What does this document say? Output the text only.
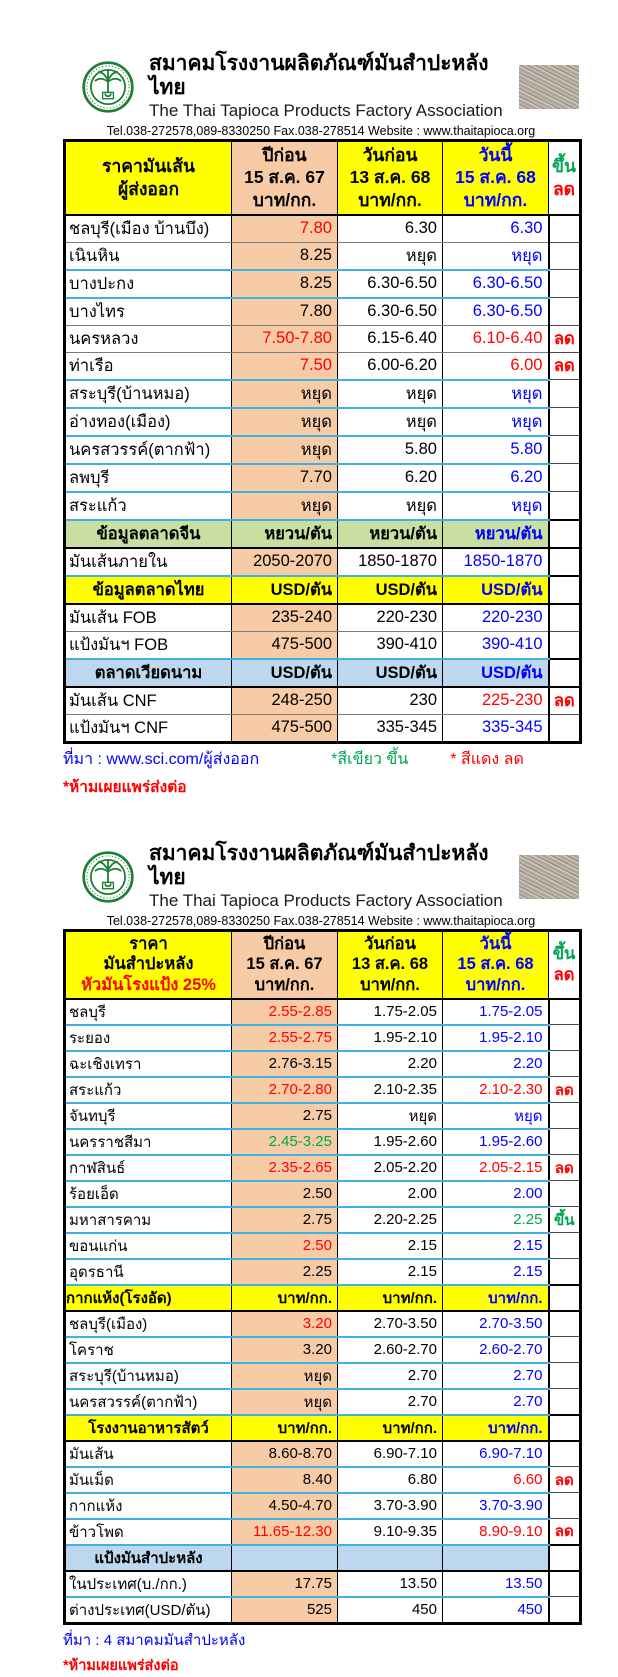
สมาคมโรงงานผลิตภัณฑ์มันสำปะหลังไทย
The Thai Tapioca Products Factory Association
Tel.038-272578,089-8330250 Fax.038-278514 Website : www.thaitapioca.org
ราคามันเส้น
ผู้ส่งออก

ปีก่อน
15 ส.ค. 67
บาท/กก.

วันก่อน
13 ส.ค. 68
บาท/กก.

วันนี้
15 ส.ค. 68
บาท/กก.

ขึ้น
ลด

ชลบุรี(เมือง บ้านบึง)	7.80	6.30	6.30	
เนินหิน	8.25	หยุด	หยุด	
บางปะกง	8.25	6.30-6.50	6.30-6.50	
บางไทร	7.80	6.30-6.50	6.30-6.50	
นครหลวง	7.50-7.80	6.15-6.40	6.10-6.40	ลด
ท่าเรือ	7.50	6.00-6.20	6.00	ลด
สระบุรี(บ้านหมอ)	หยุด	หยุด	หยุด	
อ่างทอง(เมือง)	หยุด	หยุด	หยุด	
นครสวรรค์(ตากฟ้า)	หยุด	5.80	5.80	
ลพบุรี	7.70	6.20	6.20	
สระแก้ว	หยุด	หยุด	หยุด	
ข้อมูลตลาดจีน	หยวน/ตัน	หยวน/ตัน	หยวน/ตัน	
มันเส้นภายใน	2050-2070	1850-1870	1850-1870	
ข้อมูลตลาดไทย	USD/ตัน	USD/ตัน	USD/ตัน	
มันเส้น FOB	235-240	220-230	220-230	
แป้งมันฯ FOB	475-500	390-410	390-410	
ตลาดเวียดนาม	USD/ตัน	USD/ตัน	USD/ตัน	
มันเส้น CNF	248-250	230	225-230	ลด
แป้งมันฯ CNF	475-500	335-345	335-345	
ที่มา : www.sci.com/ผู้ส่งออก	*สีเขียว ขึ้น	* สีแดง ลด
*ห้ามเผยแพร่ส่งต่อ
สมาคมโรงงานผลิตภัณฑ์มันสำปะหลังไทย
The Thai Tapioca Products Factory Association
Tel.038-272578,089-8330250 Fax.038-278514 Website : www.thaitapioca.org
ราคา
มันสำปะหลัง
หัวมันโรงแป้ง 25%

ปีก่อน
15 ส.ค. 67
บาท/กก.

วันก่อน
13 ส.ค. 68
บาท/กก.

วันนี้
15 ส.ค. 68
บาท/กก.

ขึ้น
ลด

ชลบุรี	2.55-2.85	1.75-2.05	1.75-2.05	
ระยอง	2.55-2.75	1.95-2.10	1.95-2.10	
ฉะเชิงเทรา	2.76-3.15	2.20	2.20	
สระแก้ว	2.70-2.80	2.10-2.35	2.10-2.30	ลด
จันทบุรี	2.75	หยุด	หยุด	
นครราชสีมา	2.45-3.25	1.95-2.60	1.95-2.60	
กาฬสินธ์	2.35-2.65	2.05-2.20	2.05-2.15	ลด
ร้อยเอ็ด	2.50	2.00	2.00	
มหาสารคาม	2.75	2.20-2.25	2.25	ขึ้น
ขอนแก่น	2.50	2.15	2.15	
อุดรธานี	2.25	2.15	2.15	
กากแห้ง(โรงอัด)	บาท/กก.	บาท/กก.	บาท/กก.	
ชลบุรี(เมือง)	3.20	2.70-3.50	2.70-3.50	
โคราช	3.20	2.60-2.70	2.60-2.70	
สระบุรี(บ้านหมอ)	หยุด	2.70	2.70	
นครสวรรค์(ตากฟ้า)	หยุด	2.70	2.70	
โรงงานอาหารสัตว์	บาท/กก.	บาท/กก.	บาท/กก.	
มันเส้น	8.60-8.70	6.90-7.10	6.90-7.10	
มันเม็ด	8.40	6.80	6.60	ลด
กากแห้ง	4.50-4.70	3.70-3.90	3.70-3.90	
ข้าวโพด	11.65-12.30	9.10-9.35	8.90-9.10	ลด
แป้งมันสำปะหลัง				
ในประเทศ(บ./กก.)	17.75	13.50	13.50	
ต่างประเทศ(USD/ตัน)	525	450	450	
ที่มา : 4 สมาคมมันสำปะหลัง
*ห้ามเผยแพร่ส่งต่อ
